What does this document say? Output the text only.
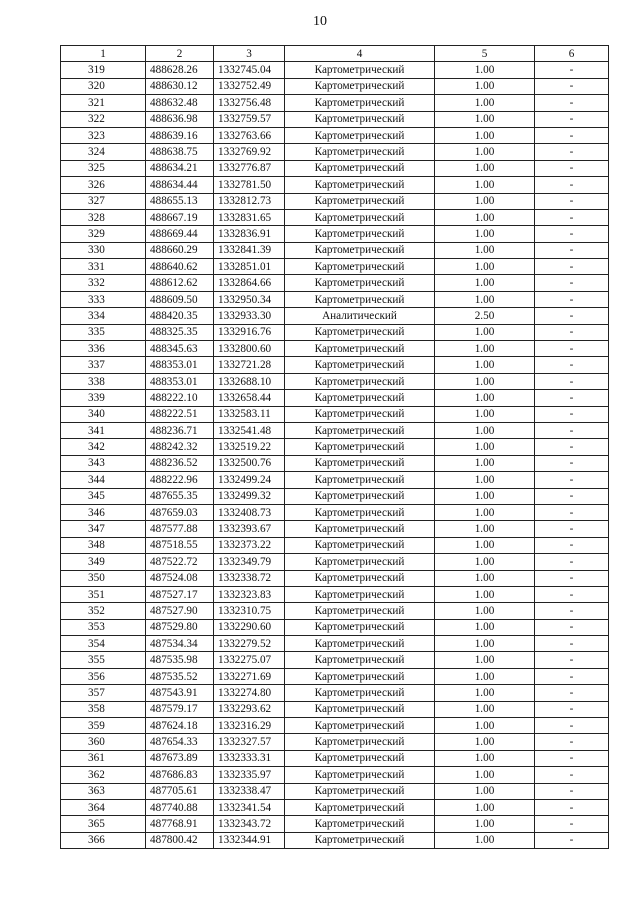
10
1	2	3	4	5	6
319	488628.26	1332745.04	Картометрический	1.00	-
320	488630.12	1332752.49	Картометрический	1.00	-
321	488632.48	1332756.48	Картометрический	1.00	-
322	488636.98	1332759.57	Картометрический	1.00	-
323	488639.16	1332763.66	Картометрический	1.00	-
324	488638.75	1332769.92	Картометрический	1.00	-
325	488634.21	1332776.87	Картометрический	1.00	-
326	488634.44	1332781.50	Картометрический	1.00	-
327	488655.13	1332812.73	Картометрический	1.00	-
328	488667.19	1332831.65	Картометрический	1.00	-
329	488669.44	1332836.91	Картометрический	1.00	-
330	488660.29	1332841.39	Картометрический	1.00	-
331	488640.62	1332851.01	Картометрический	1.00	-
332	488612.62	1332864.66	Картометрический	1.00	-
333	488609.50	1332950.34	Картометрический	1.00	-
334	488420.35	1332933.30	Аналитический	2.50	-
335	488325.35	1332916.76	Картометрический	1.00	-
336	488345.63	1332800.60	Картометрический	1.00	-
337	488353.01	1332721.28	Картометрический	1.00	-
338	488353.01	1332688.10	Картометрический	1.00	-
339	488222.10	1332658.44	Картометрический	1.00	-
340	488222.51	1332583.11	Картометрический	1.00	-
341	488236.71	1332541.48	Картометрический	1.00	-
342	488242.32	1332519.22	Картометрический	1.00	-
343	488236.52	1332500.76	Картометрический	1.00	-
344	488222.96	1332499.24	Картометрический	1.00	-
345	487655.35	1332499.32	Картометрический	1.00	-
346	487659.03	1332408.73	Картометрический	1.00	-
347	487577.88	1332393.67	Картометрический	1.00	-
348	487518.55	1332373.22	Картометрический	1.00	-
349	487522.72	1332349.79	Картометрический	1.00	-
350	487524.08	1332338.72	Картометрический	1.00	-
351	487527.17	1332323.83	Картометрический	1.00	-
352	487527.90	1332310.75	Картометрический	1.00	-
353	487529.80	1332290.60	Картометрический	1.00	-
354	487534.34	1332279.52	Картометрический	1.00	-
355	487535.98	1332275.07	Картометрический	1.00	-
356	487535.52	1332271.69	Картометрический	1.00	-
357	487543.91	1332274.80	Картометрический	1.00	-
358	487579.17	1332293.62	Картометрический	1.00	-
359	487624.18	1332316.29	Картометрический	1.00	-
360	487654.33	1332327.57	Картометрический	1.00	-
361	487673.89	1332333.31	Картометрический	1.00	-
362	487686.83	1332335.97	Картометрический	1.00	-
363	487705.61	1332338.47	Картометрический	1.00	-
364	487740.88	1332341.54	Картометрический	1.00	-
365	487768.91	1332343.72	Картометрический	1.00	-
366	487800.42	1332344.91	Картометрический	1.00	-
